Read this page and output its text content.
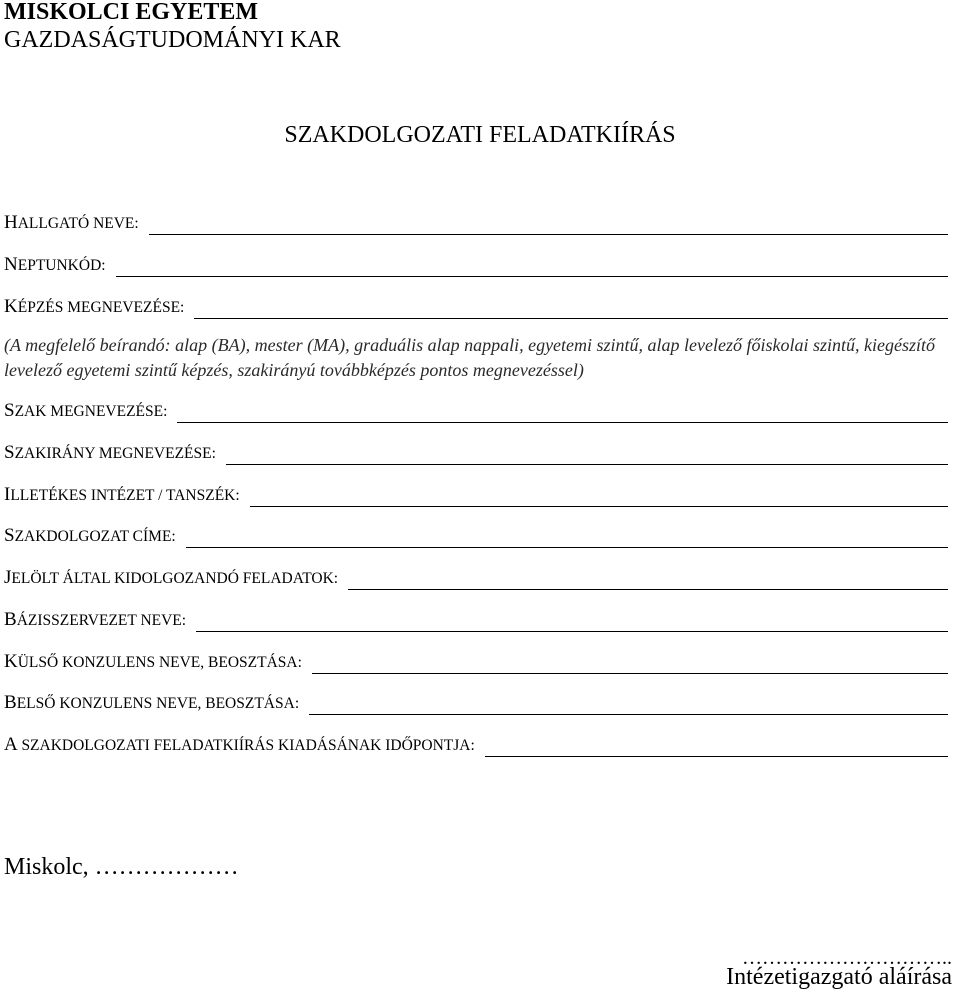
MISKOLCI EGYETEM
GAZDASÁGTUDOMÁNYI KAR
SZAKDOLGOZATI FELADATKIÍRÁS
HALLGATÓ NEVE:
NEPTUNKÓD:
KÉPZÉS MEGNEVEZÉSE:
(A megfelelő beírandó: alap (BA), mester (MA), graduális alap nappali, egyetemi szintű, alap levelező főiskolai szintű, kiegészítő levelező egyetemi szintű képzés, szakirányú továbbképzés pontos megnevezéssel)
SZAK MEGNEVEZÉSE:
SZAKIRÁNY MEGNEVEZÉSE:
ILLETÉKES INTÉZET / TANSZÉK:
SZAKDOLGOZAT CÍME:
JELÖLT ÁLTAL KIDOLGOZANDÓ FELADATOK:
BÁZISSZERVEZET NEVE:
KÜLSŐ KONZULENS NEVE, BEOSZTÁSA:
BELSŐ KONZULENS NEVE, BEOSZTÁSA:
A SZAKDOLGOZATI FELADATKIÍRÁS KIADÁSÁNAK IDŐPONTJA:
Miskolc, ………………
…………………………..
Intézetigazgató aláírása
